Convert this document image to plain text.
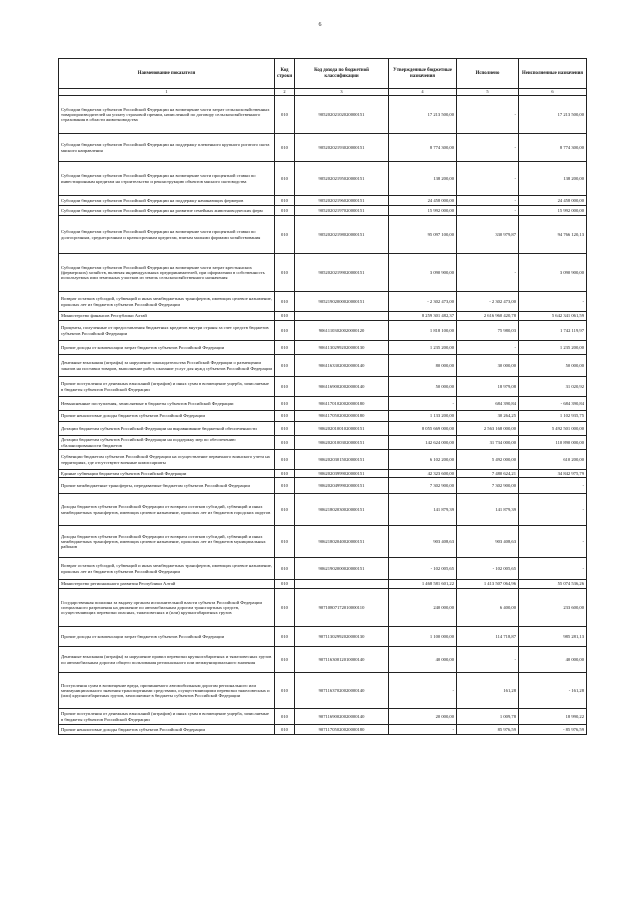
6
Наименование показателя	Код строки	Код дохода по бюджетной классификации	Утвержденные бюджетные назначения	Исполнено	Неисполненные назначения
1	2	3	4	5	6
Субсидии бюджетам субъектов Российской Федерации на возмещение части затрат сельскохозяйственных товаропроизводителей на уплату страховой премии, начисленной по договору сельскохозяйственного страхования в области животноводства	010	90520202102020000151	17 213 500,00	-	17 213 500,00
Субсидии бюджетам субъектов Российской Федерации на поддержку племенного крупного рогатого скота мясного направления	010	90520202193020000151	8 774 300,00	-	8 774 300,00
Субсидии бюджетам субъектов Российской Федерации на возмещение части процентной ставки по инвестиционным кредитам на строительство и реконструкцию объектов мясного скотоводства	010	90520202195020000151	138 200,00	-	138 200,00
Субсидии бюджетам субъектов Российской Федерации на поддержку начинающих фермеров	010	90520202196020000151	24 458 000,00	-	24 458 000,00
Субсидии бюджетам субъектов Российской Федерации на развитие семейных животноводческих ферм	010	90520202197020000151	15 992 000,00	-	15 992 000,00
Субсидии бюджетам субъектов Российской Федерации на возмещение части процентной ставки по долгосрочным, среднесрочным и краткосрочным кредитам, взятым малыми формами хозяйствования	010	90520202198020000151	95 097 100,00	330 979,87	94 766 120,13
Субсидии бюджетам субъектов Российской Федерации на возмещение части затрат крестьянских (фермерских) хозяйств, включая индивидуальных предпринимателей, при оформлении в собственность используемых ими земельных участков из земель сельскохозяйственного назначения	010	90520202199020000151	3 090 900,00	-	3 090 900,00
Возврат остатков субсидий, субвенций и иных межбюджетных трансфертов, имеющих целевое назначение, прошлых лет из бюджетов субъектов Российской Федерации	010	90521902000020000151	- 2 302 473,00	- 2 302 473,00	-
Министерство финансов Республики Алтай	010		8 259 301 482,37	2 616 960 420,78	5 642 341 061,59
Проценты, полученные от предоставления бюджетных кредитов внутри страны за счет средств бюджетов субъектов Российской Федерации	010	90611103020020000120	1 818 100,00	75 980,03	1 742 119,97
Прочие доходы от компенсации затрат бюджетов субъектов Российской Федерации	010	90611302992020000130	1 235 200,00	-	1 235 200,00
Денежные взыскания (штрафы) за нарушение законодательства Российской Федерации о размещении заказов на поставки товаров, выполнение работ, оказание услуг для нужд субъектов Российской Федерации	010	90611633020020000140	80 000,00	30 000,00	50 000,00
Прочие поступления от денежных взысканий (штрафов) и иных сумм в возмещение ущерба, зачисляемые в бюджеты субъектов Российской Федерации	010	90611690020020000140	50 000,00	18 979,08	31 020,92
Невыясненные поступления, зачисляемые в бюджеты субъектов Российской Федерации	010	90611701020020000180	-	684 390,84	- 684 390,84
Прочие неналоговые доходы бюджетов субъектов Российской Федерации	010	90611705020020000180	1 133 200,00	30 264,25	1 102 935,75
Дотации бюджетам субъектов Российской Федерации на выравнивание бюджетной обеспеченности	010	90620201001020000151	8 055 669 000,00	2 563 168 000,00	5 492 501 000,00
Дотации бюджетам субъектов Российской Федерации на поддержку мер по обеспечению сбалансированности бюджетов	010	90620201003020000151	142 624 000,00	31 734 000,00	110 890 000,00
Субвенции бюджетам субъектов Российской Федерации на осуществление первичного воинского учета на территориях, где отсутствуют военные комиссариаты	010	90620203015020000151	6 102 200,00	5 492 000,00	610 200,00
Единые субвенции бюджетам субъектов Российской Федерации	010	90620203999020000151	42 323 600,00	7 480 624,21	34 842 975,79
Прочие межбюджетные трансферты, передаваемые бюджетам субъектов Российской Федерации	010	90620204999020000151	7 302 900,00	7 302 900,00	-
Доходы бюджетов субъектов Российской Федерации от возврата остатков субсидий, субвенций и иных межбюджетных трансфертов, имеющих целевое назначение, прошлых лет из бюджетов городских округов	010	90621802030020000151	141 879,39	141 879,39	-
Доходы бюджетов субъектов Российской Федерации от возврата остатков субсидий, субвенций и иных межбюджетных трансфертов, имеющих целевое назначение, прошлых лет из бюджетов муниципальных районов	010	90621802040020000151	903 408,63	903 408,63	-
Возврат остатков субсидий, субвенций и иных межбюджетных трансфертов, имеющих целевое назначение, прошлых лет из бюджетов субъектов Российской Федерации	010	90621902000020000151	- 102 005,65	- 102 005,65	-
Министерство регионального развития Республики Алтай	010		1 468 581 601,22	1 413 507 064,96	55 074 536,26
Государственная пошлина за выдачу органом исполнительной власти субъекта Российской Федерации специального разрешения на движение по автомобильным дорогам транспортных средств, осуществляющих перевозки опасных, тяжеловесных и (или) крупногабаритных грузов	010	90710807172010000110	240 000,00	6 400,00	233 600,00
Прочие доходы от компенсации затрат бюджетов субъектов Российской Федерации	010	90711302992020000130	1 100 000,00	114 718,87	985 281,13
Денежные взыскания (штрафы) за нарушение правил перевозки крупногабаритных и тяжеловесных грузов по автомобильным дорогам общего пользования регионального или межмуниципального значения	010	90711630012010000140	40 000,00	-	40 000,00
Поступления сумм в возмещение вреда, причиняемого автомобильным дорогам регионального или межмуниципального значения транспортными средствами, осуществляющими перевозки тяжеловесных и (или) крупногабаритных грузов, зачисляемые в бюджеты субъектов Российской Федерации	010	90711637020020000140	-	161,28	- 161,28
Прочие поступления от денежных взысканий (штрафов) и иных сумм в возмещение ущерба, зачисляемые в бюджеты субъектов Российской Федерации	010	90711690020020000140	20 000,00	1 009,78	18 990,22
Прочие неналоговые доходы бюджетов субъектов Российской Федерации	010	90711705020020000180	-	85 976,59	- 85 976,59
